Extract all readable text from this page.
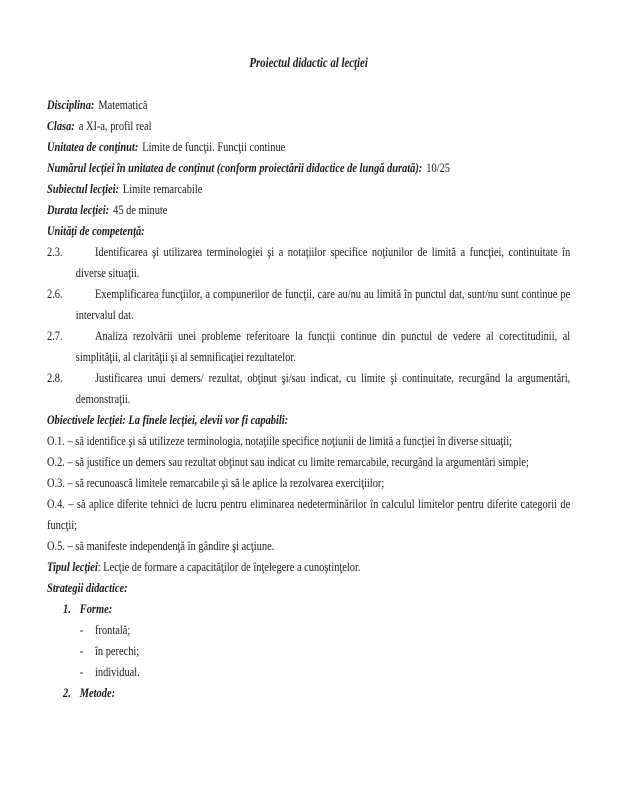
Proiectul didactic al lecţiei

Disciplina: Matematică

Clasa: a XI-a, profil real

Unitatea de conţinut: Limite de funcţii. Funcţii continue

Numărul lecţiei în unitatea de conţinut (conform proiectării didactice de lungă durată): 10/25

Subiectul lecţiei: Limite remarcabile

Durata lecţiei: 45 de minute

Unităţi de competenţă:

2.3. Identificarea şi utilizarea terminologiei şi a notaţiilor specifice noţiunilor de limită a funcţiei, continuitate în diverse situaţii.

2.6. Exemplificarea funcţiilor, a compunerilor de funcţii, care au/nu au limită în punctul dat, sunt/nu sunt continue pe intervalul dat.

2.7. Analiza rezolvării unei probleme referitoare la funcţii continue din punctul de vedere al corectitudinii, al simplităţii, al clarităţii şi al semnificaţiei rezultatelor.

2.8. Justificarea unui demers/ rezultat, obţinut şi/sau indicat, cu limite şi continuitate, recurgând la argumentări, demonstraţii.

Obiectivele lecţiei: La finele lecţiei, elevii vor fi capabili:

O.1. – să identifice şi să utilizeze terminologia, notaţiile specifice noţiunii de limită a funcţiei în diverse situaţii;

O.2. – să justifice un demers sau rezultat obţinut sau indicat cu limite remarcabile, recurgând la argumentări simple;

O.3. – să recunoască limitele remarcabile şi să le aplice la rezolvarea exerciţiilor;

O.4. – să aplice diferite tehnici de lucru pentru eliminarea nedeterminărilor în calculul limitelor pentru diferite categorii de funcţii;

O.5. – să manifeste independenţă în gândire şi acţiune.

Tipul lecţiei: Lecţie de formare a capacităţilor de înţelegere a cunoştinţelor.

Strategii didactice:

1. Forme:

- frontală;

- în perechi;

- individual.

2. Metode:
